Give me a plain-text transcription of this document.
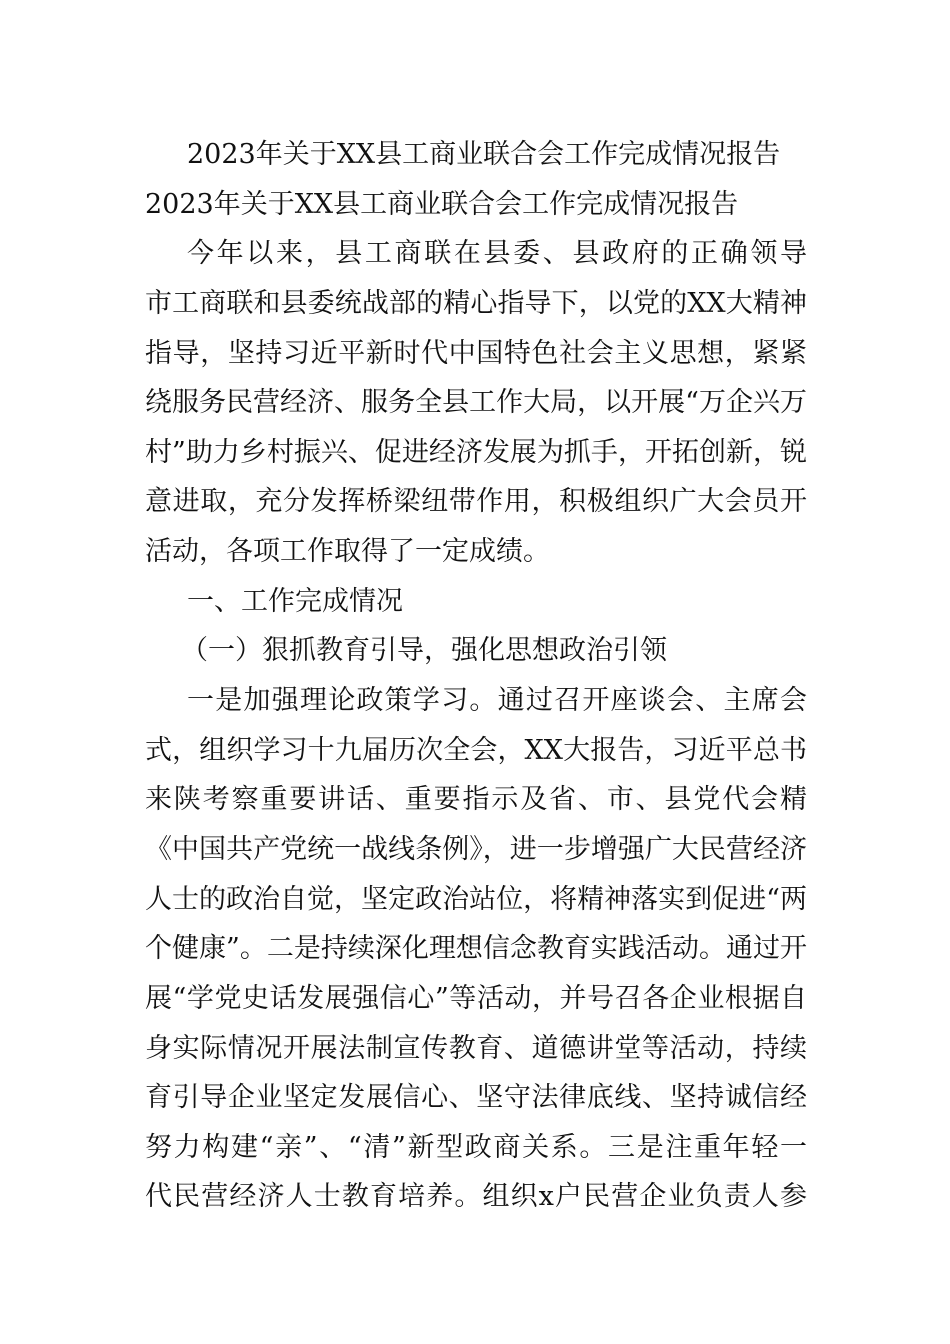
2023年关于XX县工商业联合会工作完成情况报告
2023年关于XX县工商业联合会工作完成情况报告
今年以来，县工商联在县委、县政府的正确领导
市工商联和县委统战部的精心指导下，以党的XX大精神
指导，坚持习近平新时代中国特色社会主义思想，紧紧
绕服务民营经济、服务全县工作大局，以开展“万企兴万
村”助力乡村振兴、促进经济发展为抓手，开拓创新，锐
意进取，充分发挥桥梁纽带作用，积极组织广大会员开
活动，各项工作取得了一定成绩。
一、工作完成情况
（一）狠抓教育引导，强化思想政治引领
一是加强理论政策学习。通过召开座谈会、主席会
式，组织学习十九届历次全会，XX大报告，习近平总书
来陕考察重要讲话、重要指示及省、市、县党代会精
《中国共产党统一战线条例》，进一步增强广大民营经济
人士的政治自觉，坚定政治站位，将精神落实到促进“两
个健康”。二是持续深化理想信念教育实践活动。通过开
展“学党史话发展强信心”等活动，并号召各企业根据自
身实际情况开展法制宣传教育、道德讲堂等活动，持续
育引导企业坚定发展信心、坚守法律底线、坚持诚信经
努力构建“亲”、“清”新型政商关系。三是注重年轻一
代民营经济人士教育培养。组织x户民营企业负责人参
